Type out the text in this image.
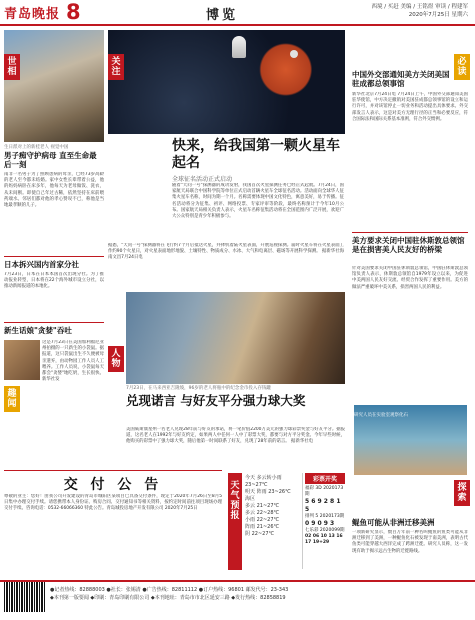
青岛晚报 8	博览
西境 / 买赶 美编 / 王铭煜 审读 / 程建军
2020年7月25日 星期六
世相
生日派对上的新桂老人 视觉中国
男子痴守护病母 直至生命最后一刻
南非一名男子为了照顾患病的母亲，已经73岁高龄的老人至今都未结婚。家中女性长辈带着公益，他的妈妈病卧在床多年，他每天为老母做饭、洗衣，从未间断。即使自己年过古稀，依然坚持在床前喂药端水。邻居们都对他的孝心赞叹不已，称他是当地最孝顺的儿子。
日本拆兴国内首家分社
7月23日，日本在日本本国首次出现分社。为了推动报业转型，日本将在22个海外城市设立分社，以推动新闻报道的本地化。
新生话娘"贪婪"吞吐
趣闻
这是7月23日在美国加利福尼亚州拍摄的一只新生的小袋鼠。据报道，这只袋鼠出生不久便被母亲遗弃，由动物园工作人员人工喂养。工作人员说，小袋鼠每天都会"贪婪"地吃奶，生长很快。 新华社发
关注
快来，给我国第一颗火星车起名
全球征名活动正式启动
随着"天问一号"探测器的成功发射，我国首次火星探测任务已经正式起航。7月24日，国家航天局联合中国科学院等单位正式启动首辆火星车全球征名活动。活动面向全球华人征集火星车名称，时间为期一个月。名称需要体现中国文化特色，寓意美好，易于传播。征名活动将分为征集、初评、网络投票、专家评审等阶段，最终名称预计于今年10月公布。国家航天局相关负责人表示，火星车名称征集活动将在全国范围内广泛开展，欢迎广大公众特别是青少年积极参与。
据悉，"天问一号"探测器将在飞行约7个月后抵达火星，并择机着陆火星表面，开展巡视探测。届时火星车将在火星表面工作约90个火星日，对火星表面地形地貌、土壤特性、物质成分、水冰、大气和电离层、磁场等开展科学探测。 据新华社海南文昌7月24日电
人物
7月23日，在马来西亚吉隆坡，96岁的老人将瓶中的纪念金币投入存钱罐
兑现诺言 与好友平分强力球大奖
美国威斯康星州一名老人兑现28年前与好友的承诺，将一笔价值2200万美元的强力球彩票奖金与好友平分。据报道，这名老人在1992年与好友约定，如果两人中任何一人中了彩票大奖，都要与对方平分奖金。今年早些时候，他购买的彩票中了强力球大奖，随后他第一时间联系了好友，兑现了28年前的诺言。 据新华社电
必读
中国外交部通知美方关闭美国驻成都总领事馆
新华社北京7月24日电 7月24日上午，中国外交部通知美国驻华使馆，中方决定撤销对美国驻成都总领事馆的设立和运行许可，并对该馆停止一切业务和活动提出具体要求。外交部发言人表示，这是对美方无理行径的正当和必要反应，符合国际法和国际关系基本准则，符合外交惯例。
美方要求关闭中国驻休斯敦总领馆是在损害美人民友好的桥梁
针对美国要求关闭中国驻休斯敦总领馆，中国驻休斯敦总领馆负责人表示，休斯敦总领馆自1979年设立以来，为促进中美两国人民友好交流、经贸合作发挥了重要作用。美方的做法严重破坏中美关系，损害两国人民的利益。
研究人员在实验室观察化石
探索
鲲鱼可能从非洲迁移美洲
一项新研究显示，数百万年前一种名叫鲲鱼的鱼类可能从非洲迁移到了美洲，一种鲲鱼化石被发现于南美洲，表明古代鱼类可能穿越大西洋完成了跨洲迁徙。研究人员称，这一发现有助于揭示远古生物的迁徙路线。
交 付 公 告
尊敬的业主：您好！由我公司开发建设的青岛市城阳区某项目已具备交付条件，现定于2020年7月26日至8月5日集中办理交付手续。请您携带本人身份证、购房合同、交付通知书等相关资料，按约定时间前往项目现场办理交付手续。咨询电话：0532-66066360 特此公告。青岛城投房地产开发有限公司 2020年7月25日
天气预报
今天 多云转小雨 23~27℃
明天 阵雨 23~26℃
海区
多云 21~27℃
多云 22~28℃
小雨 22~27℃
阵雨 21~26℃
阴 22~27℃
彩票开奖
福彩 3D 2020173期
5 6 9 2 8 1 5
排列 5 2020173期
0 9 0 9 3
七乐彩 2020099期
02 06 10 13 16 17 19+29
●记者热线：82888003 ●社长：张锡清 ●广告热线：82811112 ●订户热线：96801 邮发代号：23-343
◆本刊第一版要闻 ◆印刷：青岛印刷有限公司 ◆本刊地址：青岛市市北区延安三路 ◆发行热线：82858819
